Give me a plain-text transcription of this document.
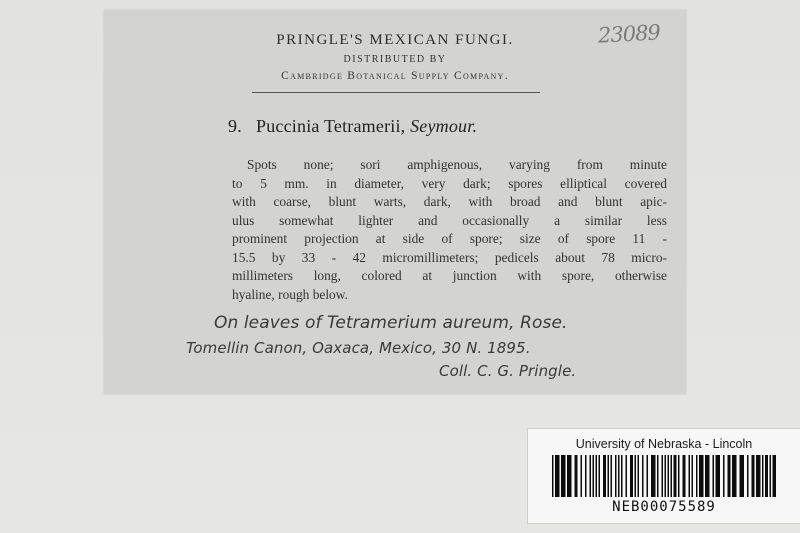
23089
PRINGLE'S MEXICAN FUNGI.
DISTRIBUTED BY
Cambridge Botanical Supply Company.
9. Puccinia Tetramerii, Seymour.
Spots none; sori amphigenous, varying from minute
to 5 mm. in diameter, very dark; spores elliptical covered
with coarse, blunt warts, dark, with broad and blunt apic-
ulus somewhat lighter and occasionally a similar less
prominent projection at side of spore; size of spore 11 -
15.5 by 33 - 42 micromillimeters; pedicels about 78 micro-
millimeters long, colored at junction with spore, otherwise
hyaline, rough below.
On leaves of Tetramerium aureum, Rose.
Tomellin Canon, Oaxaca, Mexico, 30 N. 1895.
Coll. C. G. Pringle.
University of Nebraska - Lincoln
NEB00075589
